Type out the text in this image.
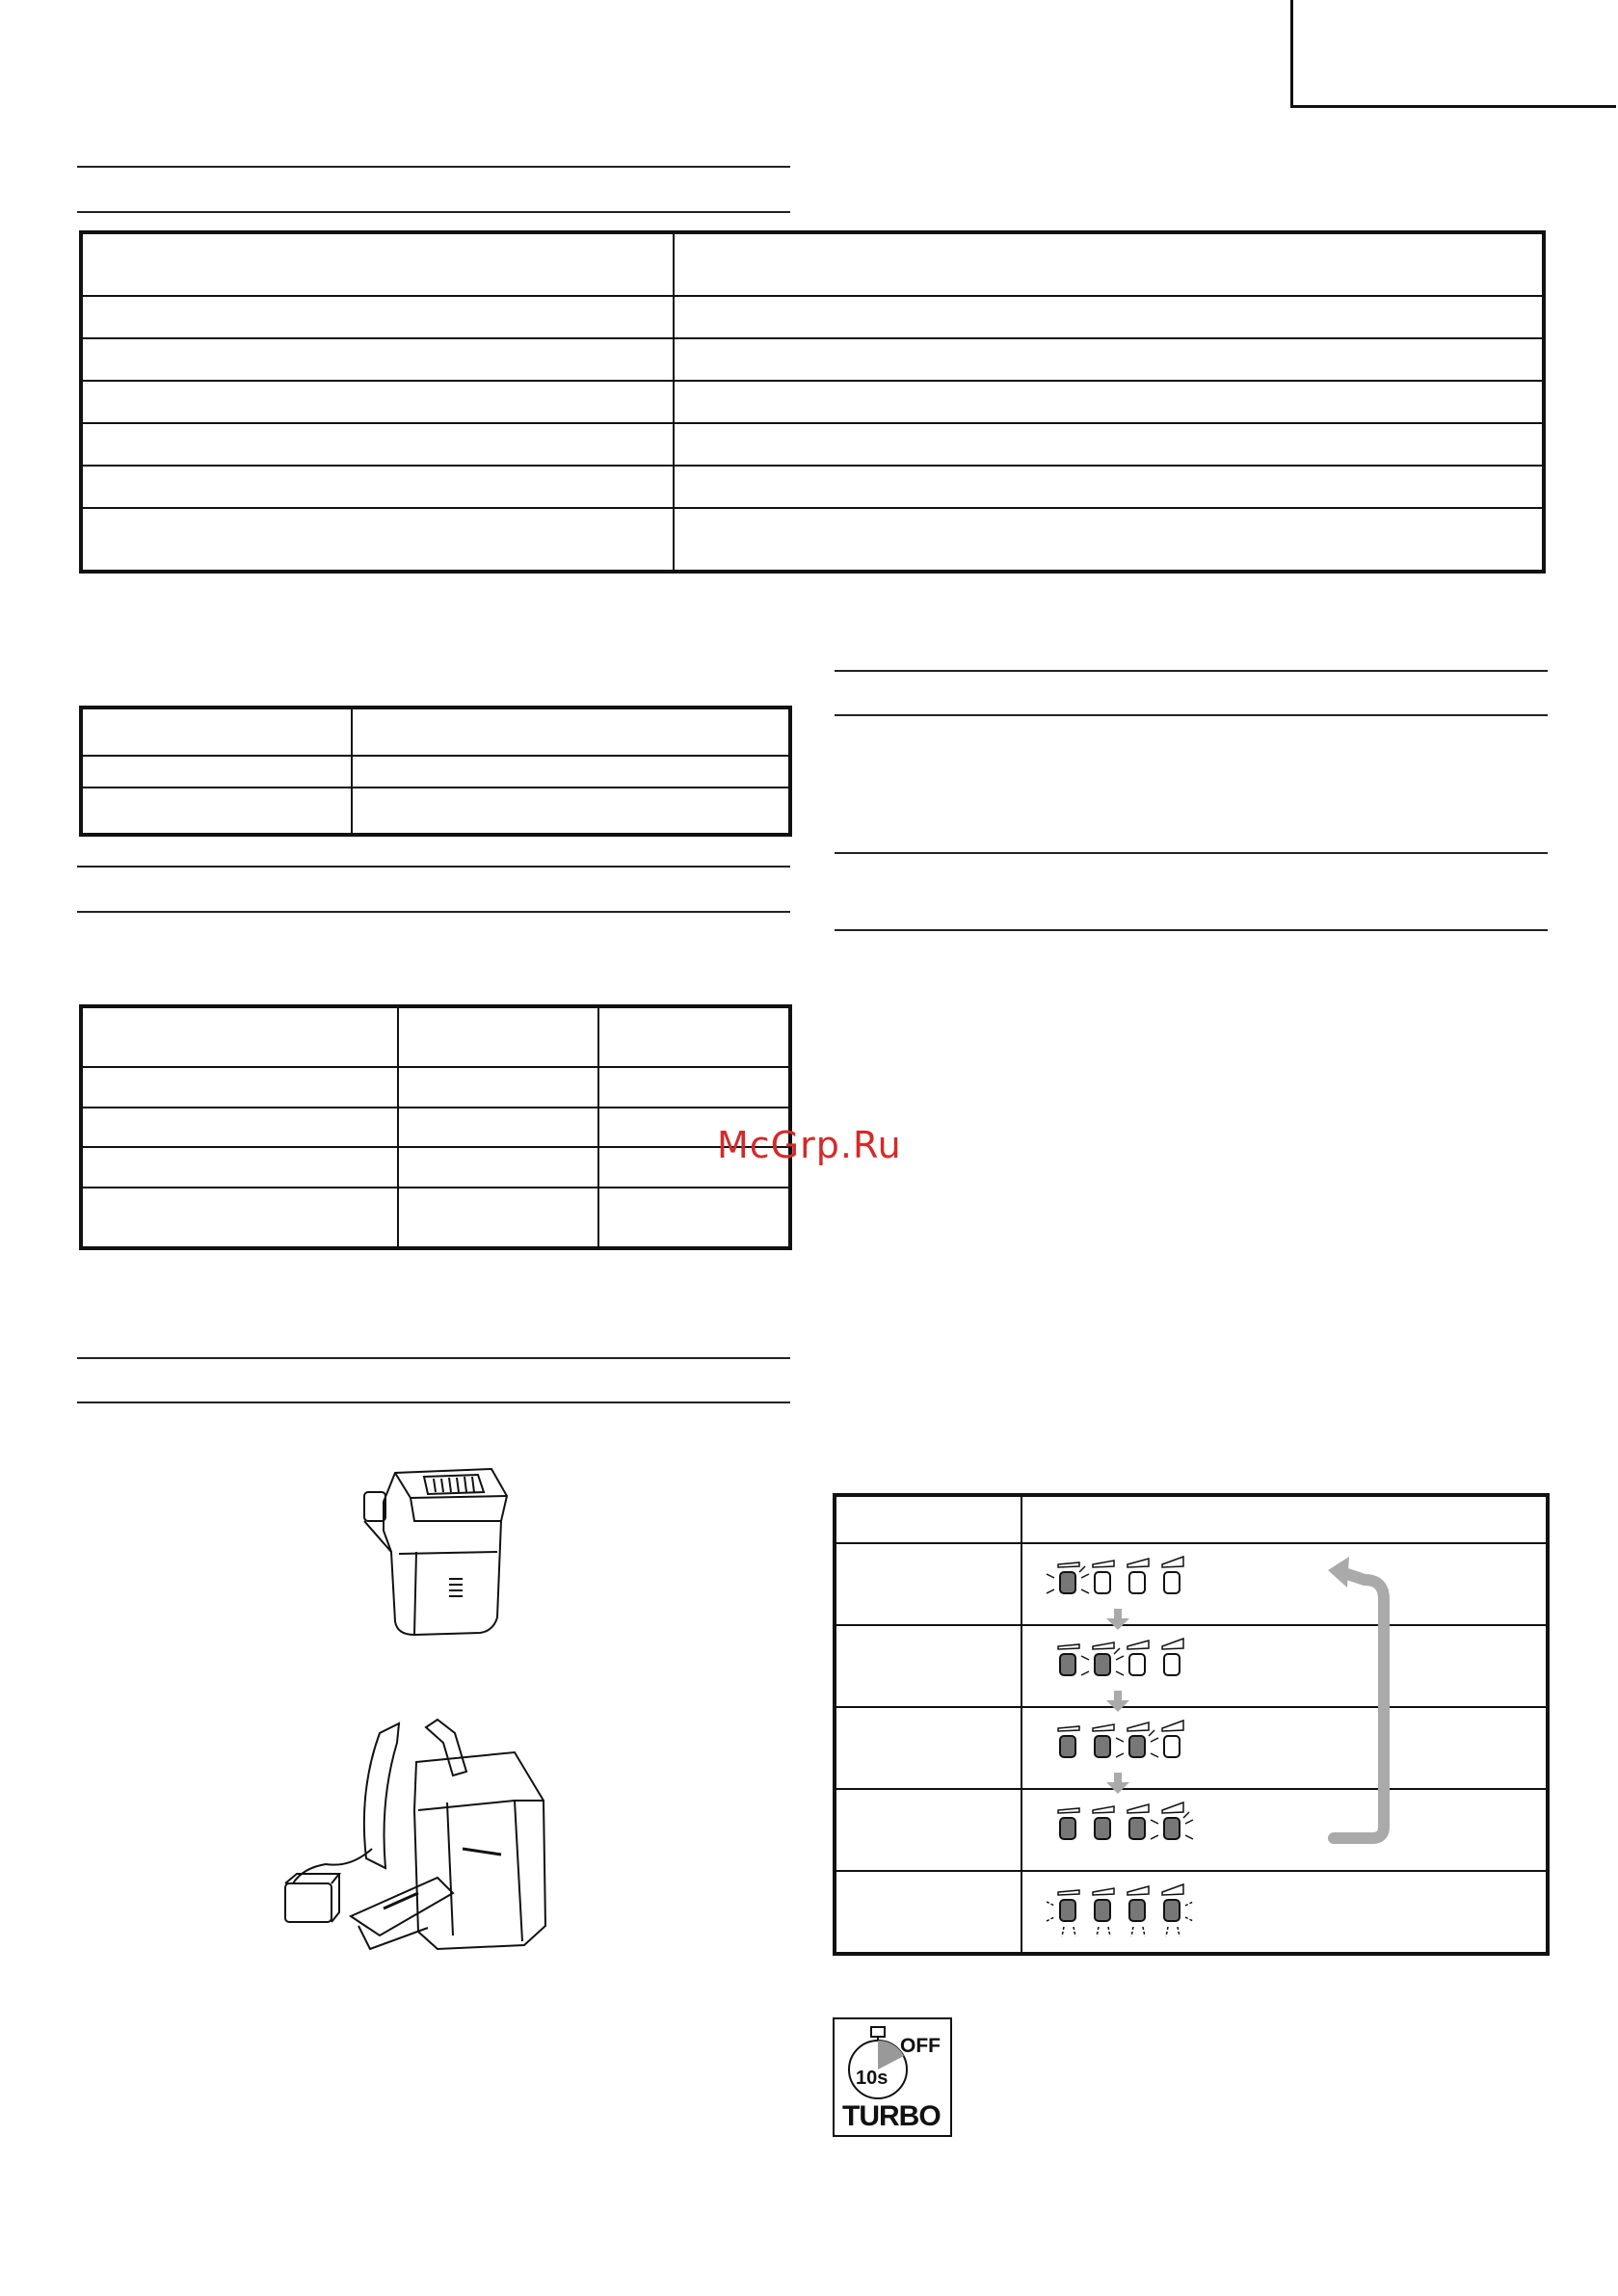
McGrp.Ru
OFF
10s
TURBO
